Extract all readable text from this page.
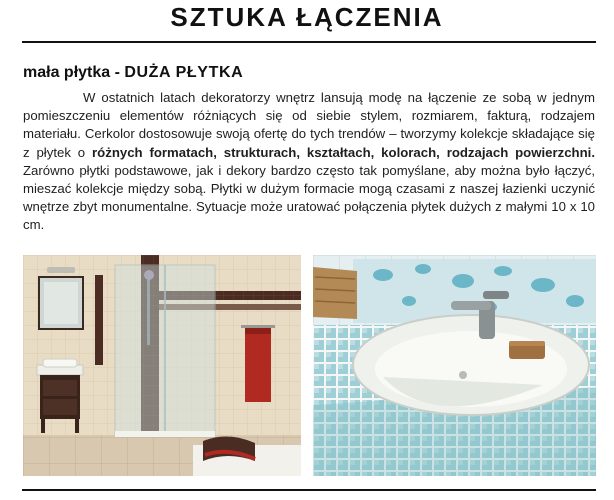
SZTUKA ŁĄCZENIA
mała płytka - DUŻA PŁYTKA

W ostatnich latach dekoratorzy wnętrz lansują modę na łączenie ze sobą w jednym pomieszczeniu elementów różniących się od siebie stylem, rozmiarem, fakturą, rodzajem materiału. Cerkolor dostosowuje swoją ofertę do tych trendów – tworzymy kolekcje składające się z płytek o różnych formatach, strukturach, kształtach, kolorach, rodzajach powierzchni. Zarówno płytki podstawowe, jak i dekory bardzo często tak pomyślane, aby można było łączyć, mieszać kolekcje między sobą. Płytki w dużym formacie mogą czasami z naszej łazienki uczynić wnętrze zbyt monumentalne. Sytuacje może uratować połączenia płytek dużych z małymi 10 x 10 cm.
